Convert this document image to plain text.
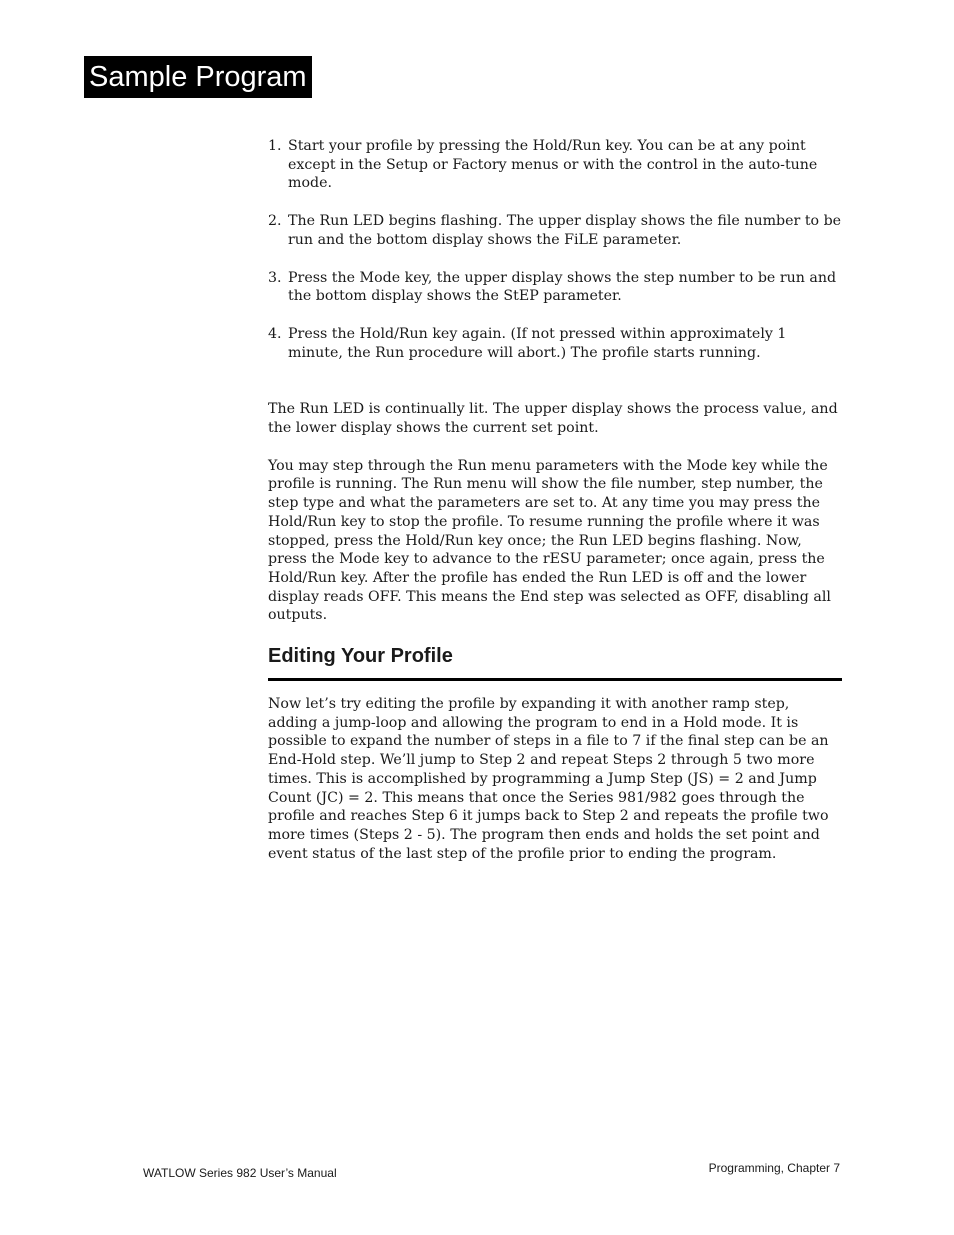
Sample Program
1. Start your profile by pressing the Hold/Run key. You can be at any point except in the Setup or Factory menus or with the control in the auto-tune mode.
2. The Run LED begins flashing. The upper display shows the file number to be run and the bottom display shows the FiLE parameter.
3. Press the Mode key, the upper display shows the step number to be run and the bottom display shows the StEP parameter.
4. Press the Hold/Run key again. (If not pressed within approximately 1 minute, the Run procedure will abort.) The profile starts running.

The Run LED is continually lit. The upper display shows the process value, and the lower display shows the current set point.

You may step through the Run menu parameters with the Mode key while the profile is running. The Run menu will show the file number, step number, the step type and what the parameters are set to. At any time you may press the Hold/Run key to stop the profile. To resume running the profile where it was stopped, press the Hold/Run key once; the Run LED begins flashing. Now, press the Mode key to advance to the rESU parameter; once again, press the Hold/Run key. After the profile has ended the Run LED is off and the lower display reads OFF. This means the End step was selected as OFF, disabling all outputs.

Editing Your Profile

Now let’s try editing the profile by expanding it with another ramp step, adding a jump-loop and allowing the program to end in a Hold mode. It is possible to expand the number of steps in a file to 7 if the final step can be an End-Hold step. We’ll jump to Step 2 and repeat Steps 2 through 5 two more times. This is accomplished by programming a Jump Step (JS) = 2 and Jump Count (JC) = 2. This means that once the Series 981/982 goes through the profile and reaches Step 6 it jumps back to Step 2 and repeats the profile two more times (Steps 2 - 5). The program then ends and holds the set point and event status of the last step of the profile prior to ending the program.

WATLOW Series 982 User’s Manual	Programming, Chapter 7
